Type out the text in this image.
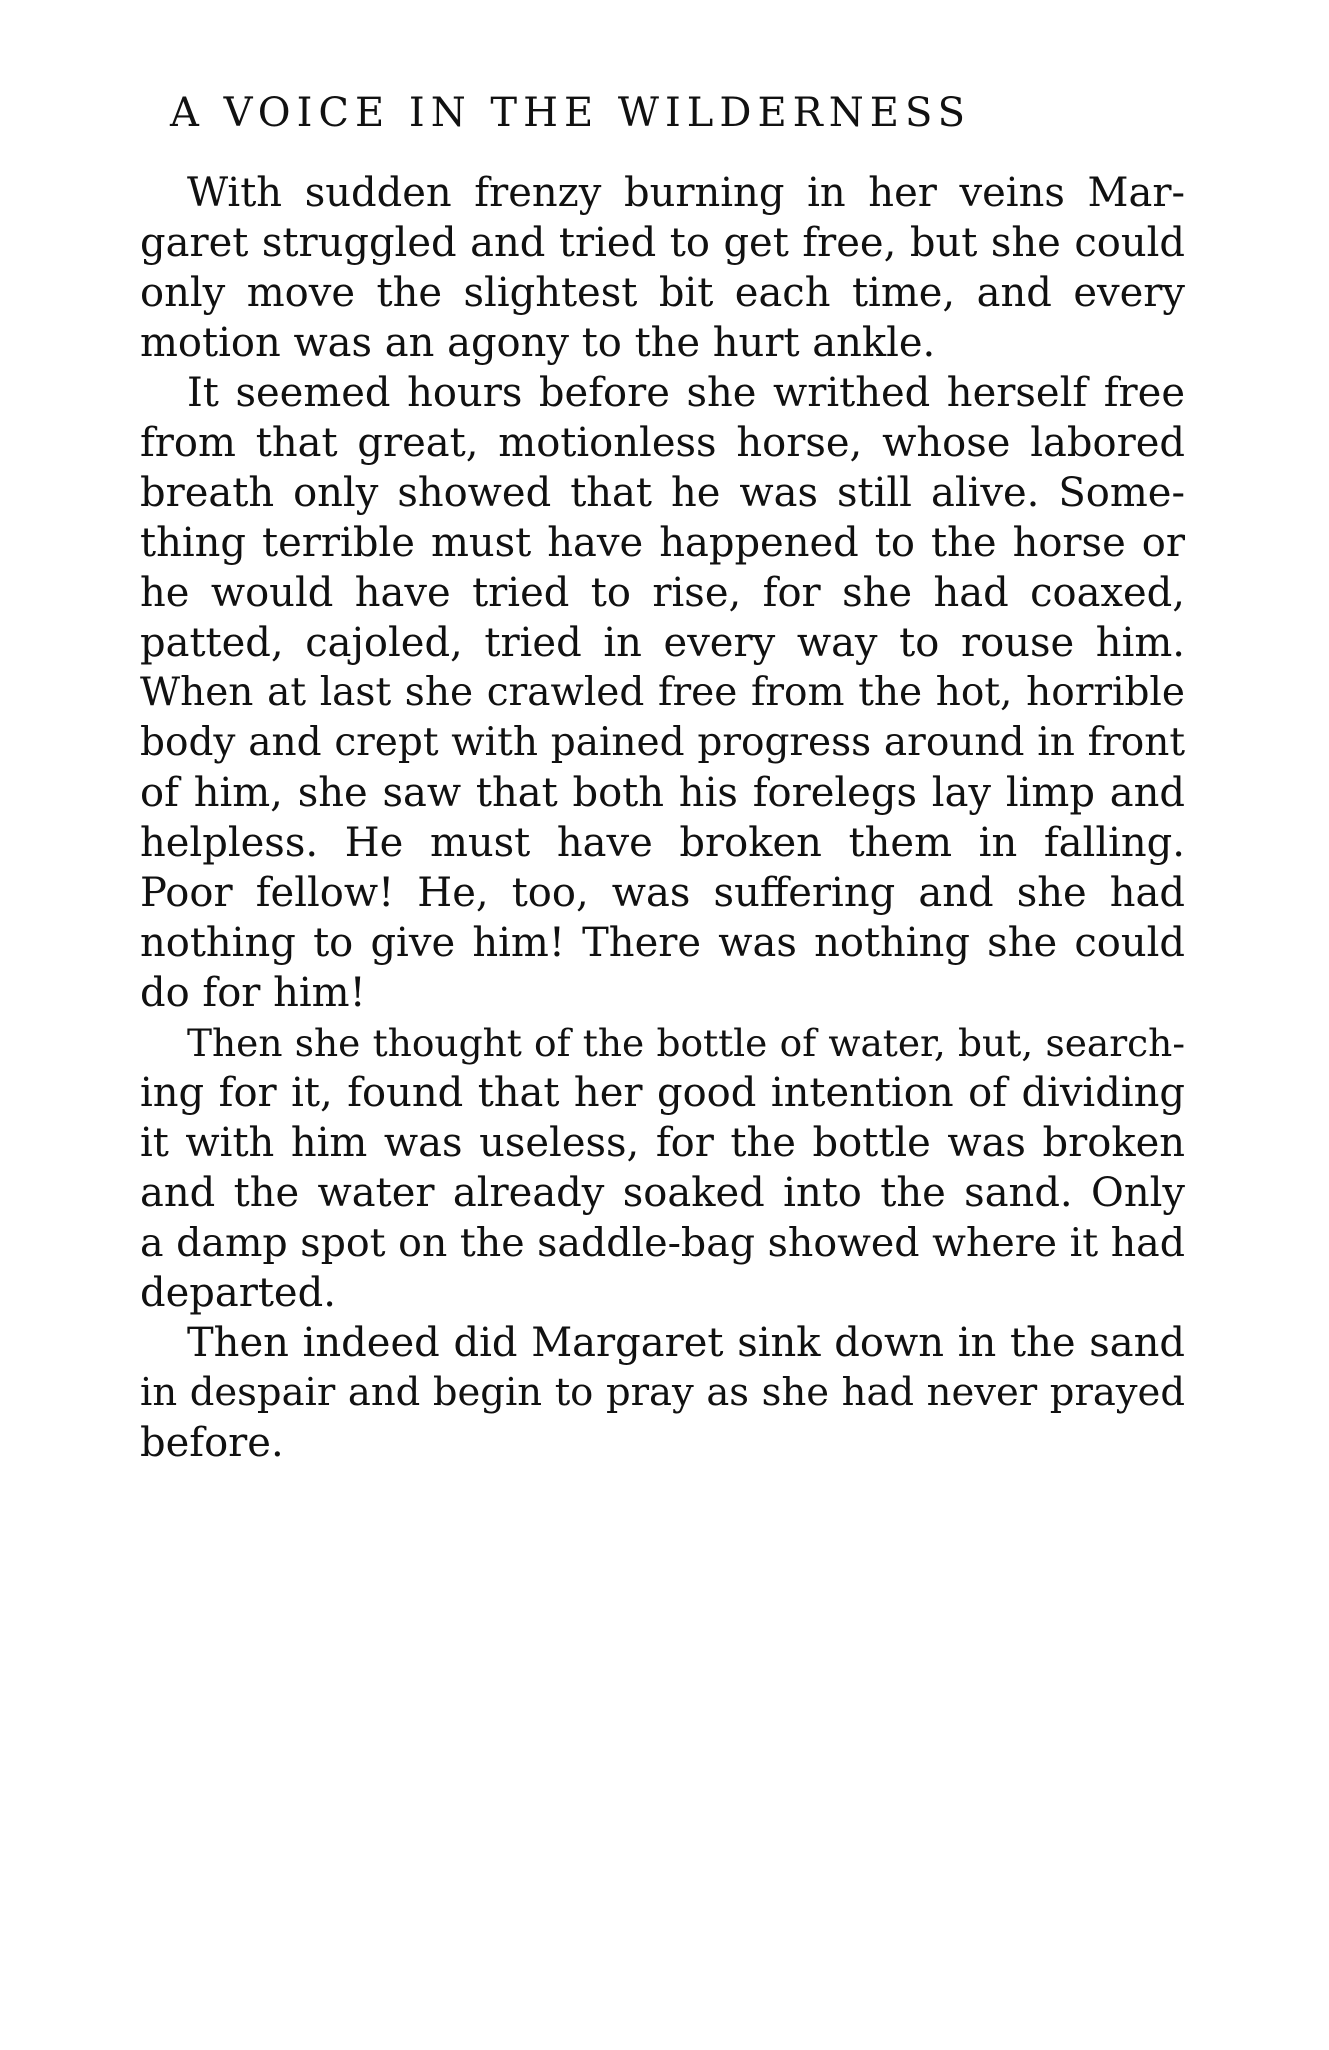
A VOICE IN THE WILDERNESS

With sudden frenzy burning in her veins Mar-
garet struggled and tried to get free, but she could
only move the slightest bit each time, and every
motion was an agony to the hurt ankle.

It seemed hours before she writhed herself free
from that great, motionless horse, whose labored
breath only showed that he was still alive. Some-
thing terrible must have happened to the horse or
he would have tried to rise, for she had coaxed,
patted, cajoled, tried in every way to rouse him.
When at last she crawled free from the hot, horrible
body and crept with pained progress around in front
of him, she saw that both his forelegs lay limp and
helpless. He must have broken them in falling.
Poor fellow! He, too, was suffering and she had
nothing to give him! There was nothing she could
do for him!

Then she thought of the bottle of water, but, search-
ing for it, found that her good intention of dividing
it with him was useless, for the bottle was broken
and the water already soaked into the sand. Only
a damp spot on the saddle-bag showed where it had
departed.

Then indeed did Margaret sink down in the sand
in despair and begin to pray as she had never prayed
before.
